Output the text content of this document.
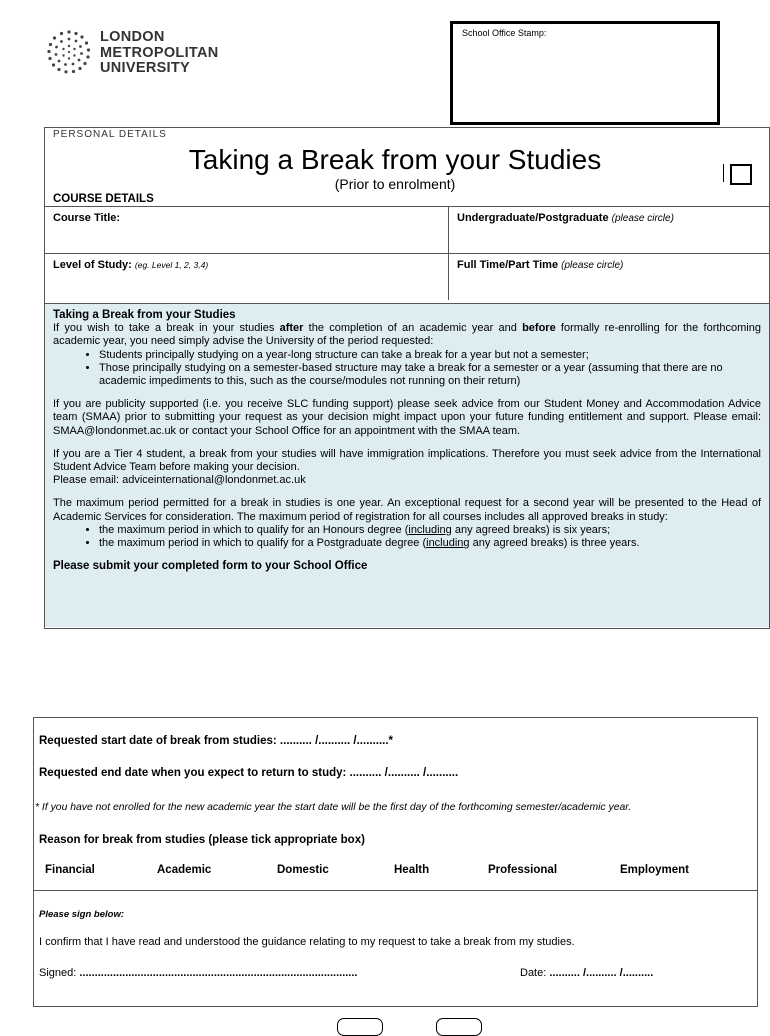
LONDON
METROPOLITAN
UNIVERSITY
School Office Stamp:
PERSONAL DETAILS
Taking a Break from your Studies
(Prior to enrolment)
COURSE DETAILS
Course Title:	Undergraduate/Postgraduate (please circle)
Level of Study: (eg. Level 1, 2, 3,4)	Full Time/Part Time (please circle)

Taking a Break from your Studies

If you wish to take a break in your studies after the completion of an academic year and before formally re-enrolling for the forthcoming academic year, you need simply advise the University of the period requested:

• Students principally studying on a year-long structure can take a break for a year but not a semester;
• Those principally studying on a semester-based structure may take a break for a semester or a year (assuming that there are no academic impediments to this, such as the course/modules not running on their return)

If you are publicity supported (i.e. you receive SLC funding support) please seek advice from our Student Money and Accommodation Advice team (SMAA) prior to submitting your request as your decision might impact upon your future funding entitlement and support. Please email: SMAA@londonmet.ac.uk or contact your School Office for an appointment with the SMAA team.

If you are a Tier 4 student, a break from your studies will have immigration implications. Therefore you must seek advice from the International Student Advice Team before making your decision.
Please email: adviceinternational@londonmet.ac.uk

The maximum period permitted for a break in studies is one year. An exceptional request for a second year will be presented to the Head of Academic Services for consideration. The maximum period of registration for all courses includes all approved breaks in study:

• the maximum period in which to qualify for an Honours degree (including any agreed breaks) is six years;
• the maximum period in which to qualify for a Postgraduate degree (including any agreed breaks) is three years.

Please submit your completed form to your School Office

Requested start date of break from studies: .......... /.......... /..........*
Requested end date when you expect to return to study: .......... /.......... /..........
* If you have not enrolled for the new academic year the start date will be the first day of the forthcoming semester/academic year.
Reason for break from studies (please tick appropriate box)
Financial	Academic	Domestic	Health	Professional	Employment
Please sign below:
I confirm that I have read and understood the guidance relating to my request to take a break from my studies.
Signed: ...........................................................................................	Date: .......... /.......... /..........
